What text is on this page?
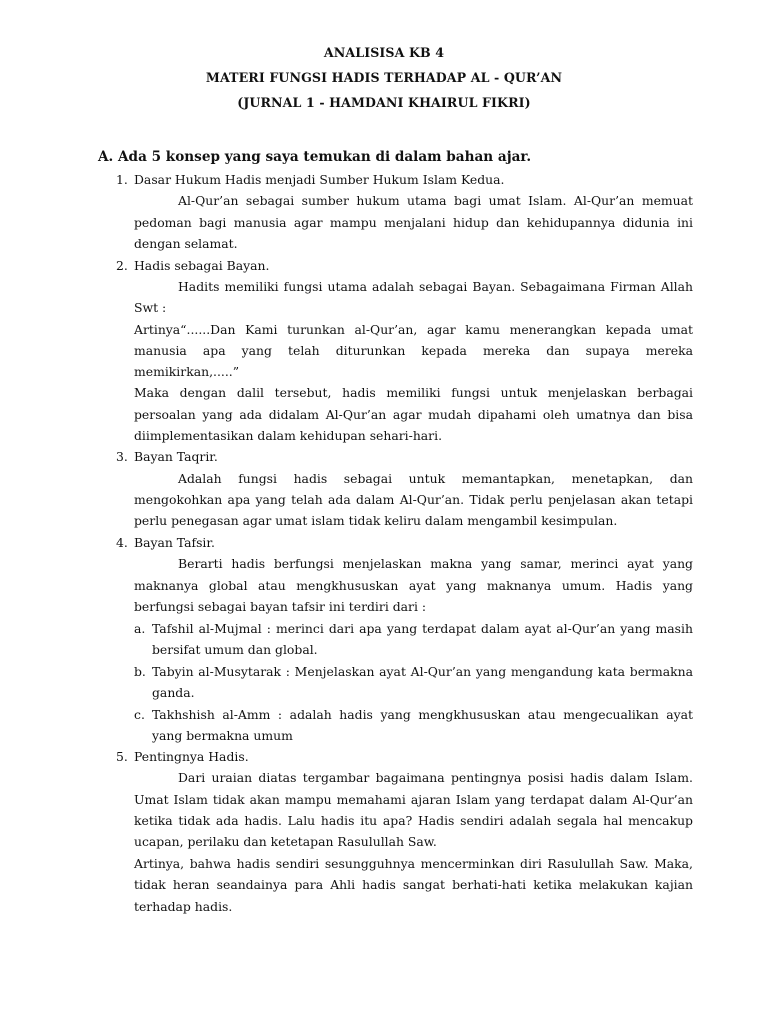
ANALISISA KB 4
MATERI FUNGSI HADIS TERHADAP AL - QUR’AN
(JURNAL 1 - HAMDANI KHAIRUL FIKRI)
A. Ada 5 konsep yang saya temukan di dalam bahan ajar.
1. Dasar Hukum Hadis menjadi Sumber Hukum Islam Kedua.
Al-Qur’an sebagai sumber hukum utama bagi umat Islam. Al-Qur’an memuat
pedoman bagi manusia agar mampu menjalani hidup dan kehidupannya didunia ini
dengan selamat.
2. Hadis sebagai Bayan.
Hadits memiliki fungsi utama adalah sebagai Bayan. Sebagaimana Firman Allah
Swt :
Artinya“......Dan Kami turunkan al-Qur’an, agar kamu menerangkan kepada umat
manusia apa yang telah diturunkan kepada mereka dan supaya mereka
memikirkan,.....”
Maka dengan dalil tersebut, hadis memiliki fungsi untuk menjelaskan berbagai
persoalan yang ada didalam Al-Qur’an agar mudah dipahami oleh umatnya dan bisa
diimplementasikan dalam kehidupan sehari-hari.
3. Bayan Taqrir.
Adalah fungsi hadis sebagai untuk memantapkan, menetapkan, dan
mengokohkan apa yang telah ada dalam Al-Qur’an. Tidak perlu penjelasan akan tetapi
perlu penegasan agar umat islam tidak keliru dalam mengambil kesimpulan.
4. Bayan Tafsir.
Berarti hadis berfungsi menjelaskan makna yang samar, merinci ayat yang
maknanya global atau mengkhususkan ayat yang maknanya umum. Hadis yang
berfungsi sebagai bayan tafsir ini terdiri dari :
a. Tafshil al-Mujmal : merinci dari apa yang terdapat dalam ayat al-Qur’an yang masih
bersifat umum dan global.
b. Tabyin al-Musytarak : Menjelaskan ayat Al-Qur’an yang mengandung kata bermakna
ganda.
c. Takhshish al-Amm : adalah hadis yang mengkhususkan atau mengecualikan ayat
yang bermakna umum
5. Pentingnya Hadis.
Dari uraian diatas tergambar bagaimana pentingnya posisi hadis dalam Islam.
Umat Islam tidak akan mampu memahami ajaran Islam yang terdapat dalam Al-Qur’an
ketika tidak ada hadis. Lalu hadis itu apa? Hadis sendiri adalah segala hal mencakup
ucapan, perilaku dan ketetapan Rasulullah Saw.
Artinya, bahwa hadis sendiri sesungguhnya mencerminkan diri Rasulullah Saw. Maka,
tidak heran seandainya para Ahli hadis sangat berhati-hati ketika melakukan kajian
terhadap hadis.
